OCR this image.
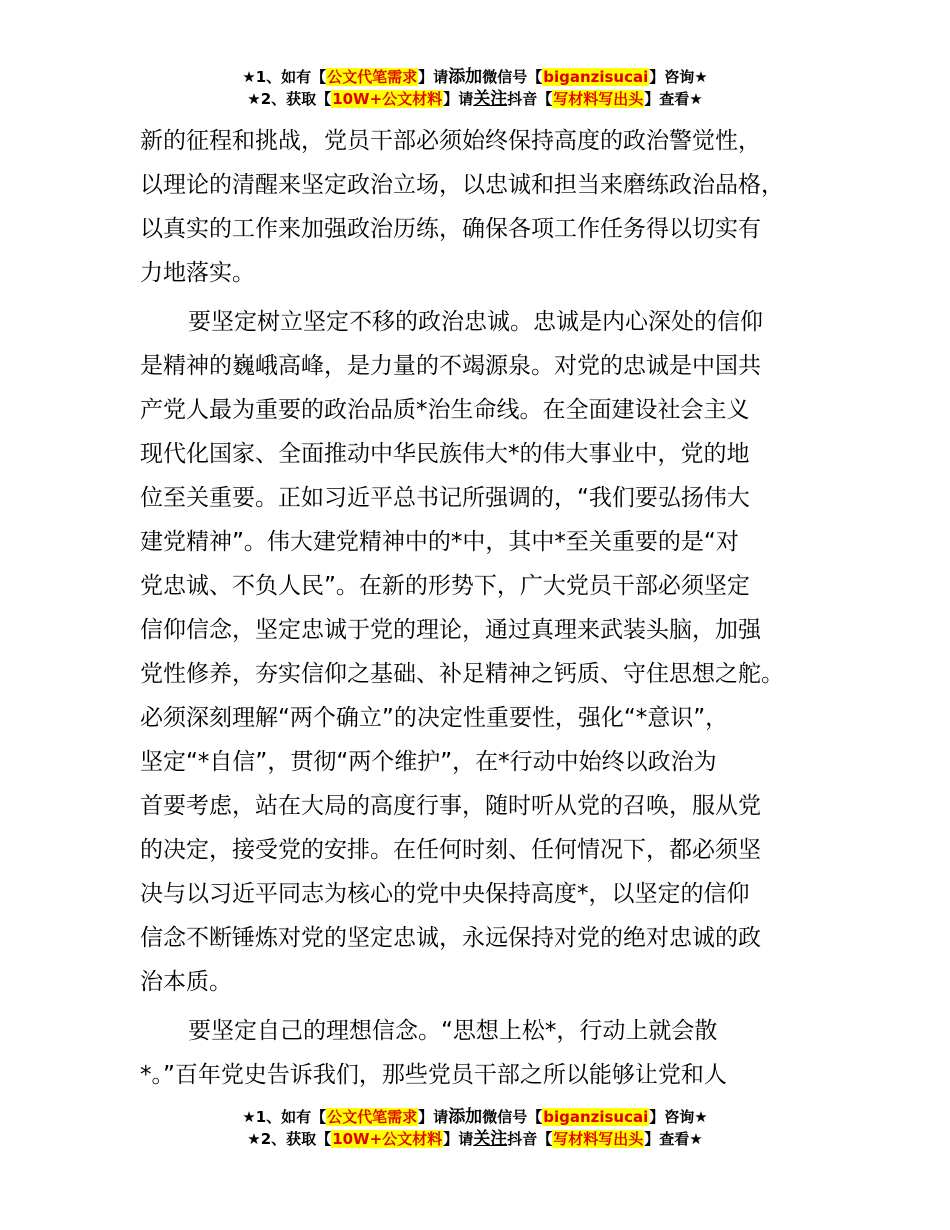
★1、如有【公文代笔需求】请添加微信号【biganzisucai】咨询★
★2、获取【10W+公文材料】请关注抖音【写材料写出头】查看★
新的征程和挑战，党员干部必须始终保持高度的政治警觉性，
以理论的清醒来坚定政治立场，以忠诚和担当来磨练政治品格，
以真实的工作来加强政治历练，确保各项工作任务得以切实有
力地落实。
要坚定树立坚定不移的政治忠诚。忠诚是内心深处的信仰
是精神的巍峨高峰，是力量的不竭源泉。对党的忠诚是中国共
产党人最为重要的政治品质*治生命线。在全面建设社会主义
现代化国家、全面推动中华民族伟大*的伟大事业中，党的地
位至关重要。正如习近平总书记所强调的，“我们要弘扬伟大
建党精神”。伟大建党精神中的*中，其中*至关重要的是“对
党忠诚、不负人民”。在新的形势下，广大党员干部必须坚定
信仰信念，坚定忠诚于党的理论，通过真理来武装头脑，加强
党性修养，夯实信仰之基础、补足精神之钙质、守住思想之舵。
必须深刻理解“两个确立”的决定性重要性，强化“*意识”，
坚定“*自信”，贯彻“两个维护”，在*行动中始终以政治为
首要考虑，站在大局的高度行事，随时听从党的召唤，服从党
的决定，接受党的安排。在任何时刻、任何情况下，都必须坚
决与以习近平同志为核心的党中央保持高度*，以坚定的信仰
信念不断锤炼对党的坚定忠诚，永远保持对党的绝对忠诚的政
治本质。
要坚定自己的理想信念。“思想上松*，行动上就会散
*。”百年党史告诉我们，那些党员干部之所以能够让党和人
★1、如有【公文代笔需求】请添加微信号【biganzisucai】咨询★
★2、获取【10W+公文材料】请关注抖音【写材料写出头】查看★
